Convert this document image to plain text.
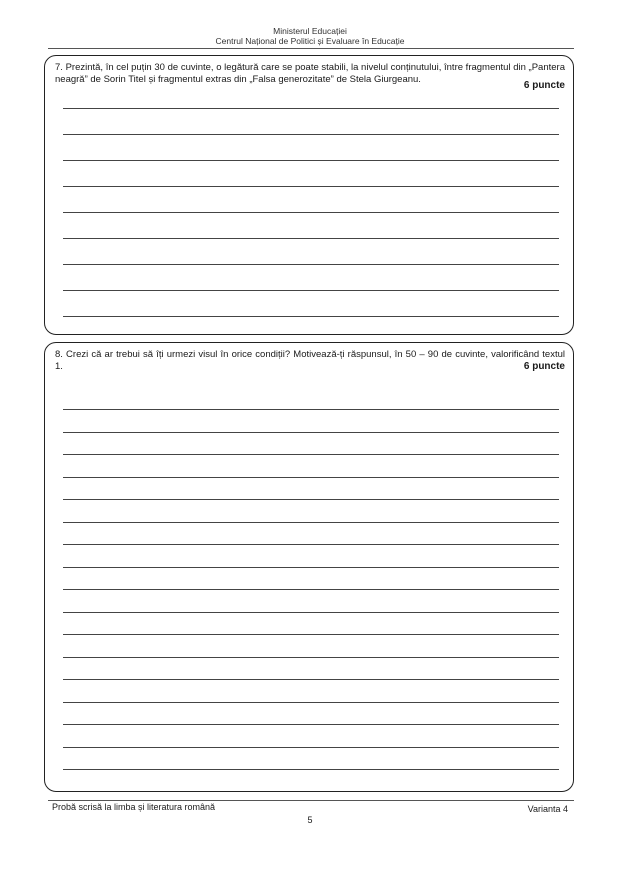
Ministerul Educației
Centrul Național de Politici și Evaluare în Educație
7. Prezintă, în cel puțin 30 de cuvinte, o legătură care se poate stabili, la nivelul conținutului, între fragmentul din „Pantera neagră” de Sorin Titel și fragmentul extras din „Falsa generozitate” de Stela Giurgeanu.
6 puncte
8. Crezi că ar trebui să îți urmezi visul în orice condiții? Motivează-ți răspunsul, în 50 – 90 de cuvinte, valorificând textul 1.	6 puncte
Probă scrisă la limba și literatura română
5
Varianta 4
